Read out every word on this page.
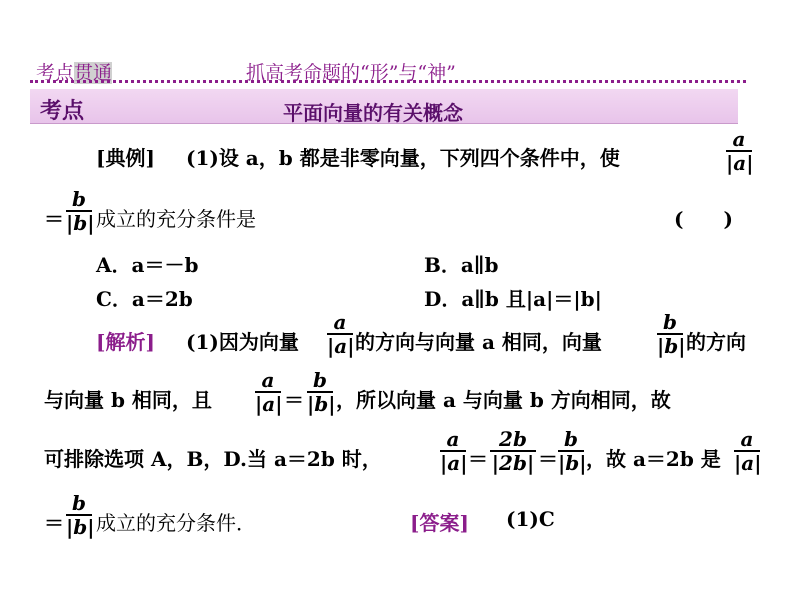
考点贯通	抓高考命题的“形”与“神”
考点	平面向量的有关概念
[典例] (1)设 a，b 都是非零向量，下列四个条件中，使	$\frac{a}{|a|}$
＝ $\frac{b}{|b|}$ 成立的充分条件是	(　　)
A．a＝－b	B．a∥b
C．a＝2b	D．a∥b 且|a|＝|b|
[解析] (1)因为向量 $\frac{a}{|a|}$ 的方向与向量 a 相同，向量	$\frac{b}{|b|}$ 的方向
与向量 b 相同，且 $\frac{a}{|a|} = \frac{b}{|b|}$ ，所以向量 a 与向量 b 方向相同，故
可排除选项 A，B，D.当 a＝2b 时，	$\frac{a}{|a|} = \frac{2b}{|2b|} = \frac{b}{|b|}$ ，故 a＝2b 是 $\frac{a}{|a|}$
＝ $\frac{b}{|b|}$ 成立的充分条件．	[答案] (1)C
